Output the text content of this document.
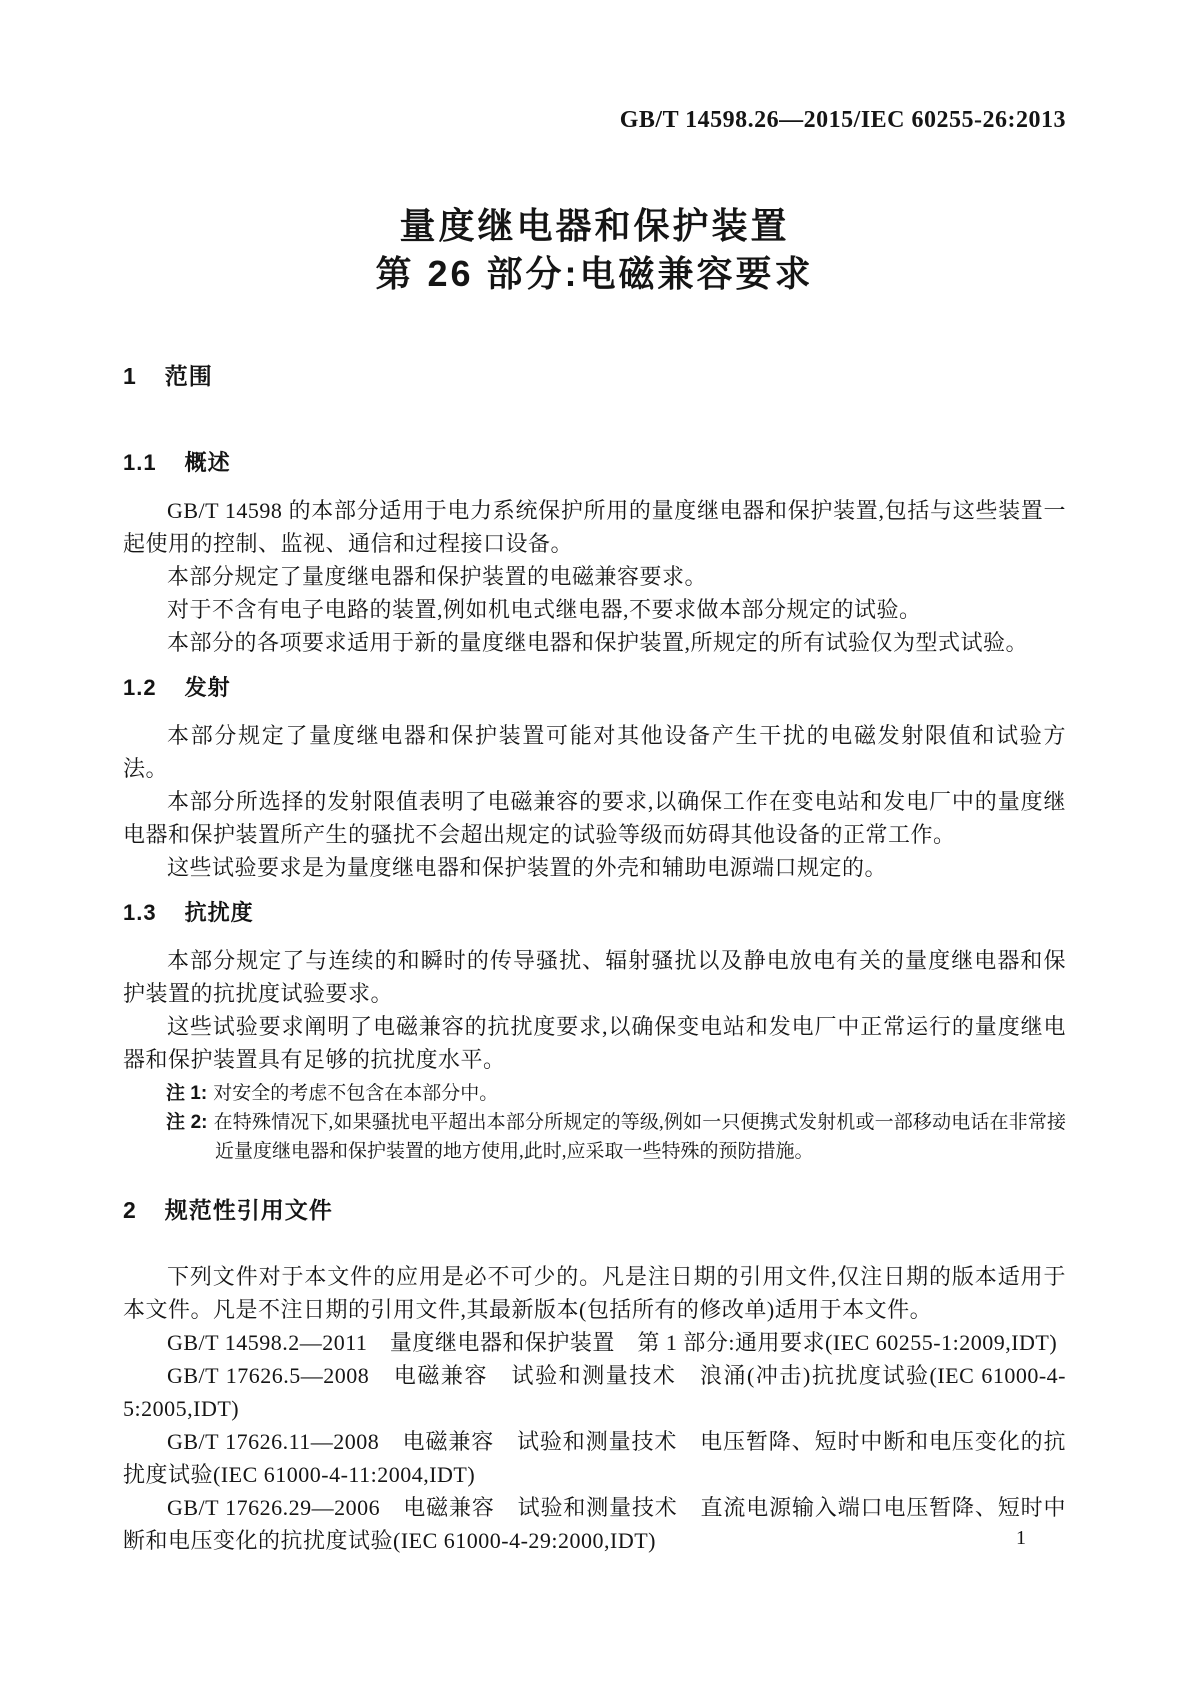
GB/T 14598.26—2015/IEC 60255-26:2013
量度继电器和保护装置
第 26 部分:电磁兼容要求
1 范围
1.1 概述

GB/T 14598 的本部分适用于电力系统保护所用的量度继电器和保护装置,包括与这些装置一起使用的控制、监视、通信和过程接口设备。

本部分规定了量度继电器和保护装置的电磁兼容要求。

对于不含有电子电路的装置,例如机电式继电器,不要求做本部分规定的试验。

本部分的各项要求适用于新的量度继电器和保护装置,所规定的所有试验仅为型式试验。

1.2 发射

本部分规定了量度继电器和保护装置可能对其他设备产生干扰的电磁发射限值和试验方法。

本部分所选择的发射限值表明了电磁兼容的要求,以确保工作在变电站和发电厂中的量度继电器和保护装置所产生的骚扰不会超出规定的试验等级而妨碍其他设备的正常工作。

这些试验要求是为量度继电器和保护装置的外壳和辅助电源端口规定的。

1.3 抗扰度

本部分规定了与连续的和瞬时的传导骚扰、辐射骚扰以及静电放电有关的量度继电器和保护装置的抗扰度试验要求。

这些试验要求阐明了电磁兼容的抗扰度要求,以确保变电站和发电厂中正常运行的量度继电器和保护装置具有足够的抗扰度水平。

注 1: 对安全的考虑不包含在本部分中。

注 2: 在特殊情况下,如果骚扰电平超出本部分所规定的等级,例如一只便携式发射机或一部移动电话在非常接近量度继电器和保护装置的地方使用,此时,应采取一些特殊的预防措施。

2 规范性引用文件

下列文件对于本文件的应用是必不可少的。凡是注日期的引用文件,仅注日期的版本适用于本文件。凡是不注日期的引用文件,其最新版本(包括所有的修改单)适用于本文件。

GB/T 14598.2—2011　量度继电器和保护装置　第 1 部分:通用要求(IEC 60255-1:2009,IDT)

GB/T 17626.5—2008　电磁兼容　试验和测量技术　浪涌(冲击)抗扰度试验(IEC 61000-4-5:2005,IDT)

GB/T 17626.11—2008　电磁兼容　试验和测量技术　电压暂降、短时中断和电压变化的抗扰度试验(IEC 61000-4-11:2004,IDT)

GB/T 17626.29—2006　电磁兼容　试验和测量技术　直流电源输入端口电压暂降、短时中断和电压变化的抗扰度试验(IEC 61000-4-29:2000,IDT)	1
